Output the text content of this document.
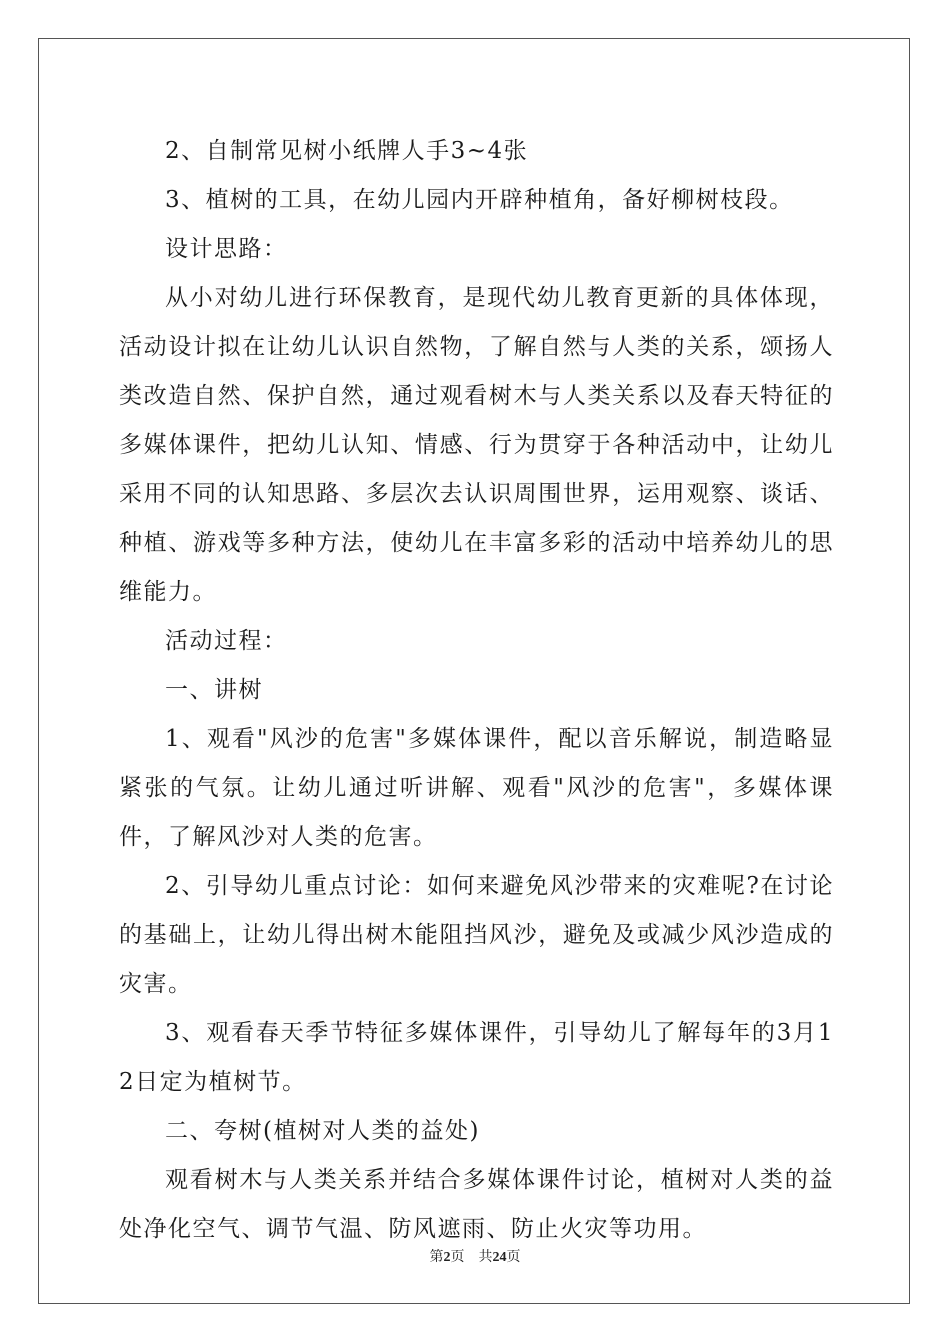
2、自制常见树小纸牌人手3~4张

3、植树的工具，在幼儿园内开辟种植角，备好柳树枝段。

设计思路：

从小对幼儿进行环保教育，是现代幼儿教育更新的具体体现，活动设计拟在让幼儿认识自然物，了解自然与人类的关系，颂扬人类改造自然、保护自然，通过观看树木与人类关系以及春天特征的多媒体课件，把幼儿认知、情感、行为贯穿于各种活动中，让幼儿采用不同的认知思路、多层次去认识周围世界，运用观察、谈话、种植、游戏等多种方法，使幼儿在丰富多彩的活动中培养幼儿的思维能力。

活动过程：

一、讲树

1、观看"风沙的危害"多媒体课件，配以音乐解说，制造略显紧张的气氛。让幼儿通过听讲解、观看"风沙的危害"，多媒体课件，了解风沙对人类的危害。

2、引导幼儿重点讨论：如何来避免风沙带来的灾难呢?在讨论的基础上，让幼儿得出树木能阻挡风沙，避免及或减少风沙造成的灾害。

3、观看春天季节特征多媒体课件，引导幼儿了解每年的3月12日定为植树节。

二、夸树(植树对人类的益处)

观看树木与人类关系并结合多媒体课件讨论，植树对人类的益处净化空气、调节气温、防风遮雨、防止火灾等功用。

第2页 共24页
